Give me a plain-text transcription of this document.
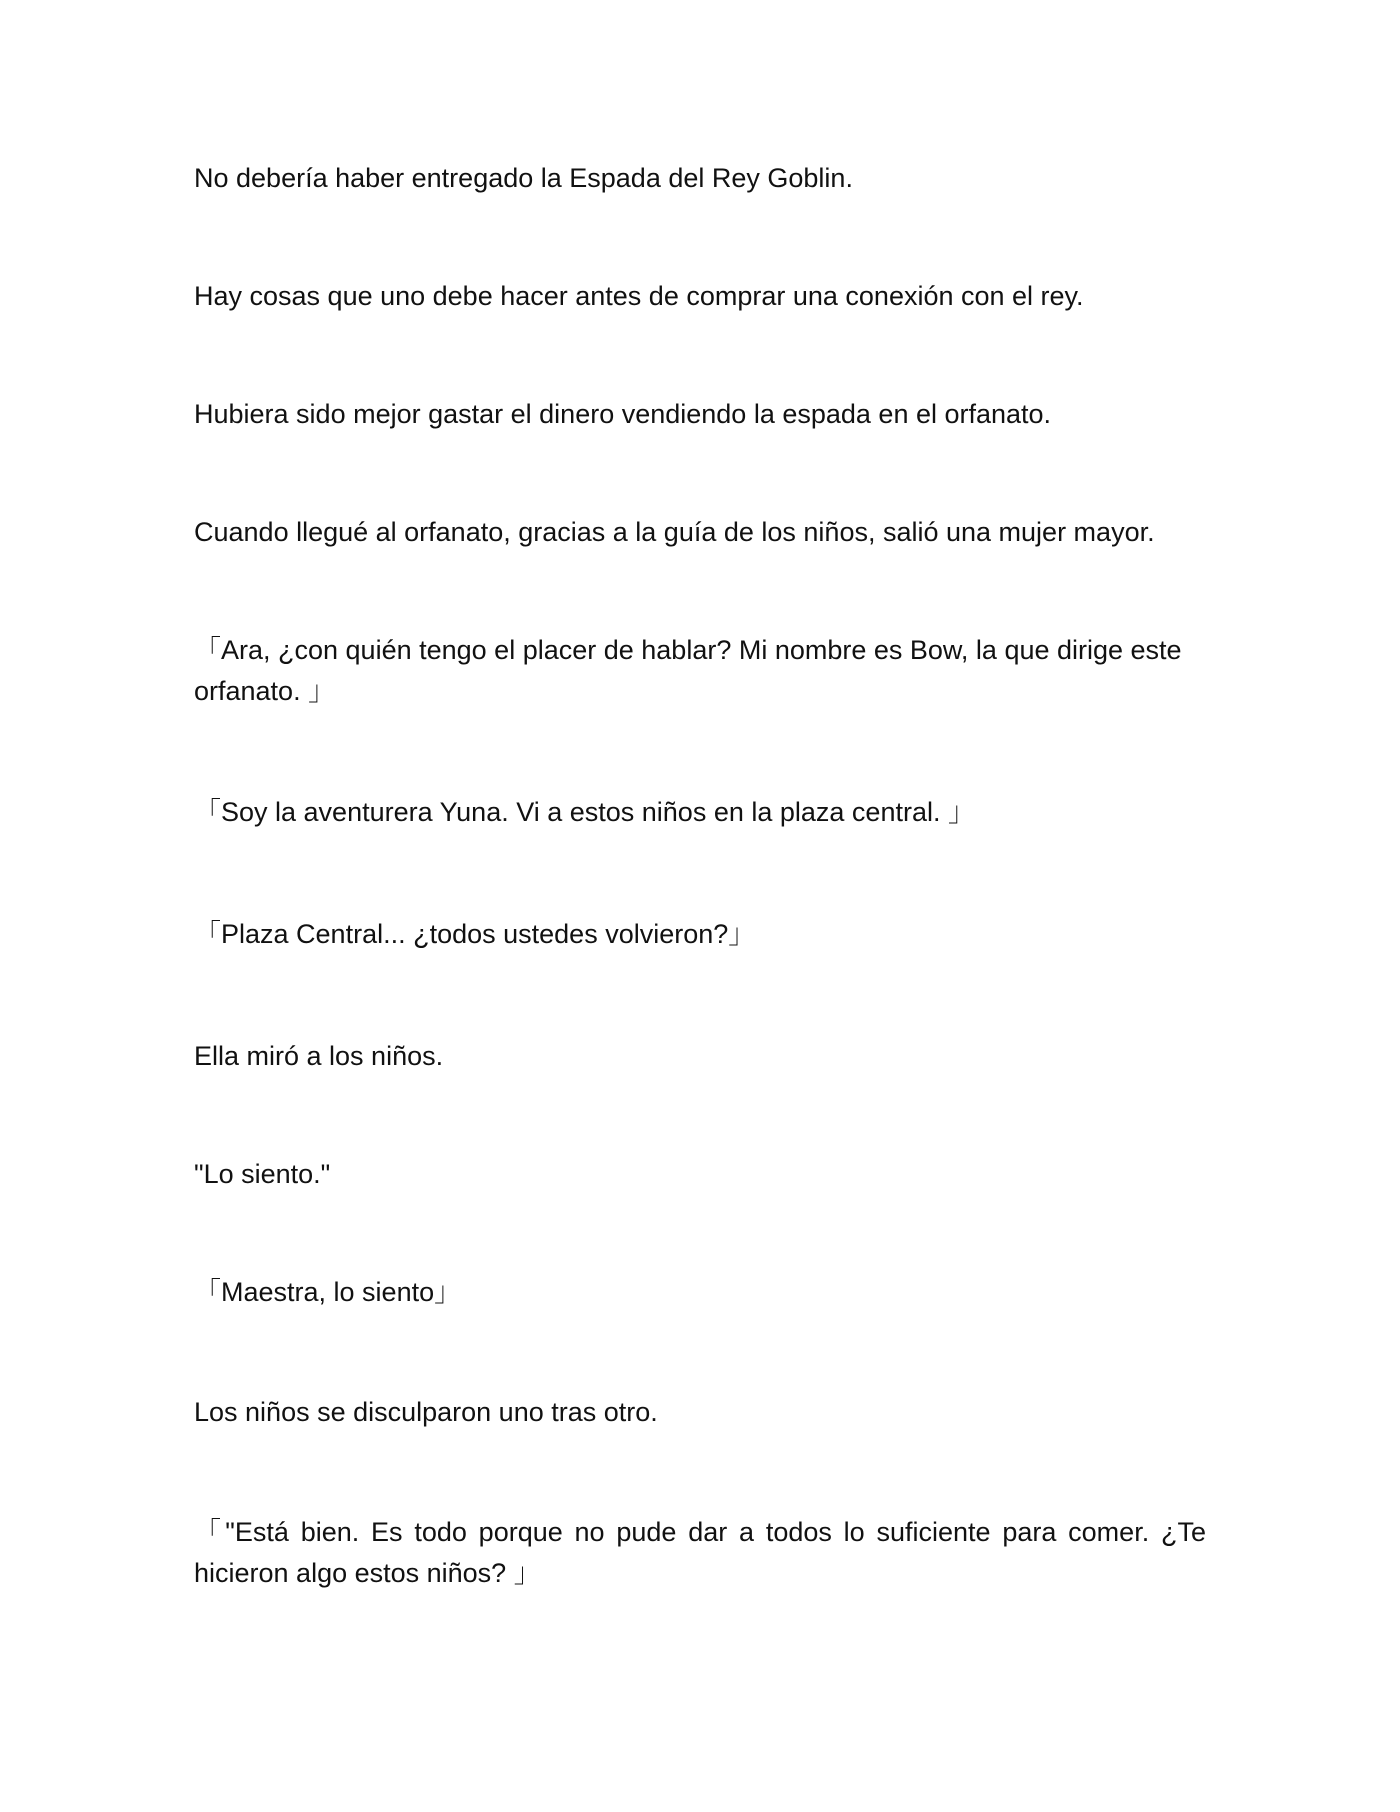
No debería haber entregado la Espada del Rey Goblin.

Hay cosas que uno debe hacer antes de comprar una conexión con el rey.

Hubiera sido mejor gastar el dinero vendiendo la espada en el orfanato.

Cuando llegué al orfanato, gracias a la guía de los niños, salió una mujer mayor.

「Ara, ¿con quién tengo el placer de hablar? Mi nombre es Bow, la que dirige este orfanato. 」

「Soy la aventurera Yuna. Vi a estos niños en la plaza central. 」

「Plaza Central... ¿todos ustedes volvieron?」

Ella miró a los niños.

"Lo siento."

「Maestra, lo siento」

Los niños se disculparon uno tras otro.

「"Está bien. Es todo porque no pude dar a todos lo suficiente para comer. ¿Te hicieron algo estos niños? 」
